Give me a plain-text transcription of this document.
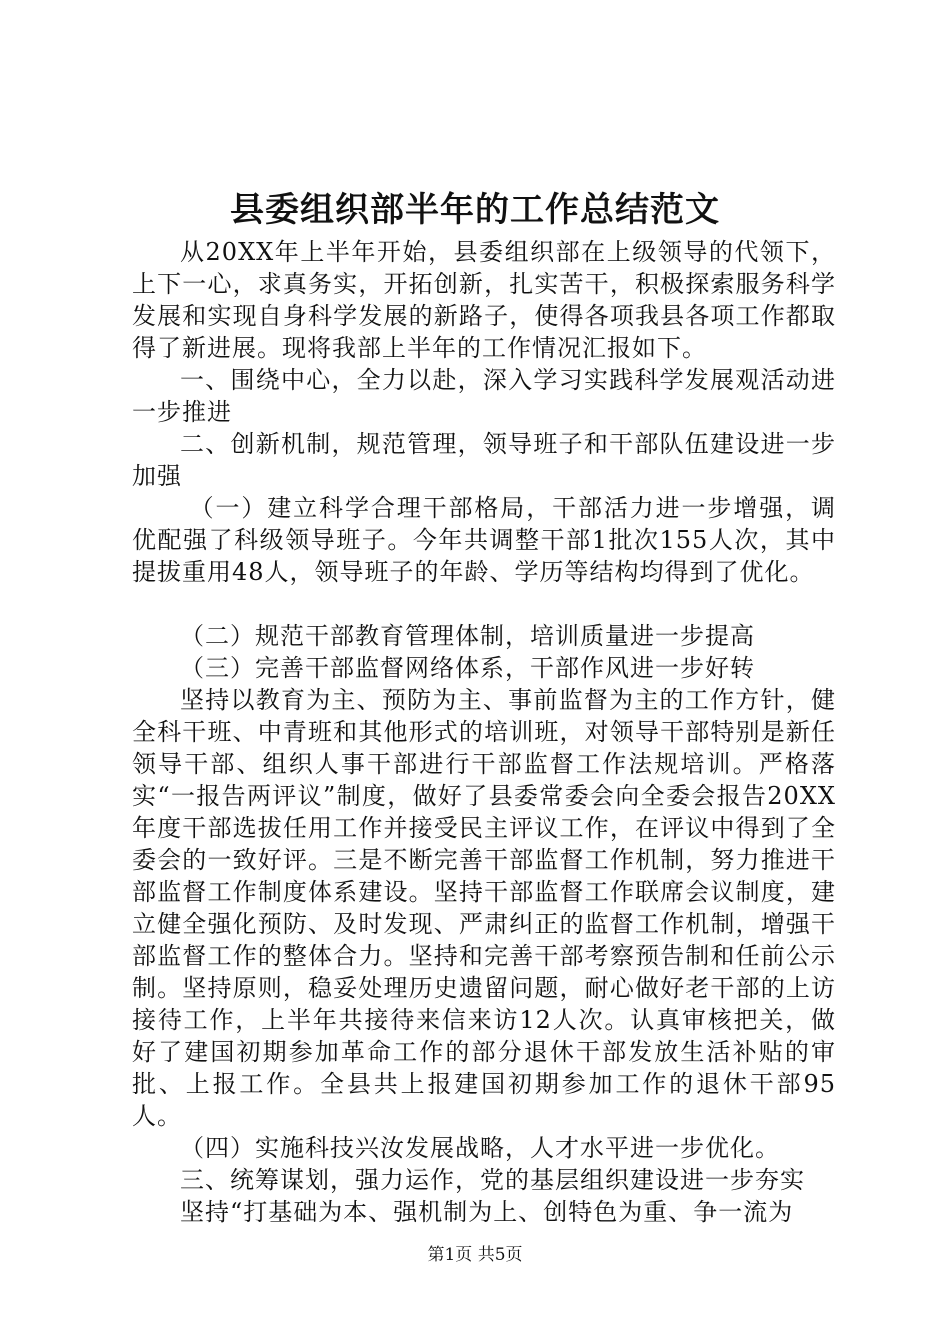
县委组织部半年的工作总结范文

从20XX年上半年开始，县委组织部在上级领导的代领下，上下一心，求真务实，开拓创新，扎实苦干，积极探索服务科学发展和实现自身科学发展的新路子，使得各项我县各项工作都取得了新进展。现将我部上半年的工作情况汇报如下。

一、围绕中心，全力以赴，深入学习实践科学发展观活动进一步推进

二、创新机制，规范管理，领导班子和干部队伍建设进一步加强

（一）建立科学合理干部格局，干部活力进一步增强，调优配强了科级领导班子。今年共调整干部1批次155人次，其中提拔重用48人，领导班子的年龄、学历等结构均得到了优化。

（二）规范干部教育管理体制，培训质量进一步提高

（三）完善干部监督网络体系，干部作风进一步好转

坚持以教育为主、预防为主、事前监督为主的工作方针，健全科干班、中青班和其他形式的培训班，对领导干部特别是新任领导干部、组织人事干部进行干部监督工作法规培训。严格落实“一报告两评议”制度，做好了县委常委会向全委会报告20XX年度干部选拔任用工作并接受民主评议工作，在评议中得到了全委会的一致好评。三是不断完善干部监督工作机制，努力推进干部监督工作制度体系建设。坚持干部监督工作联席会议制度，建立健全强化预防、及时发现、严肃纠正的监督工作机制，增强干部监督工作的整体合力。坚持和完善干部考察预告制和任前公示制。坚持原则，稳妥处理历史遗留问题，耐心做好老干部的上访接待工作，上半年共接待来信来访12人次。认真审核把关，做好了建国初期参加革命工作的部分退休干部发放生活补贴的审批、上报工作。全县共上报建国初期参加工作的退休干部95人。

（四）实施科技兴汝发展战略，人才水平进一步优化。

三、统筹谋划，强力运作，党的基层组织建设进一步夯实

坚持“打基础为本、强机制为上、创特色为重、争一流为

第1页 共5页
